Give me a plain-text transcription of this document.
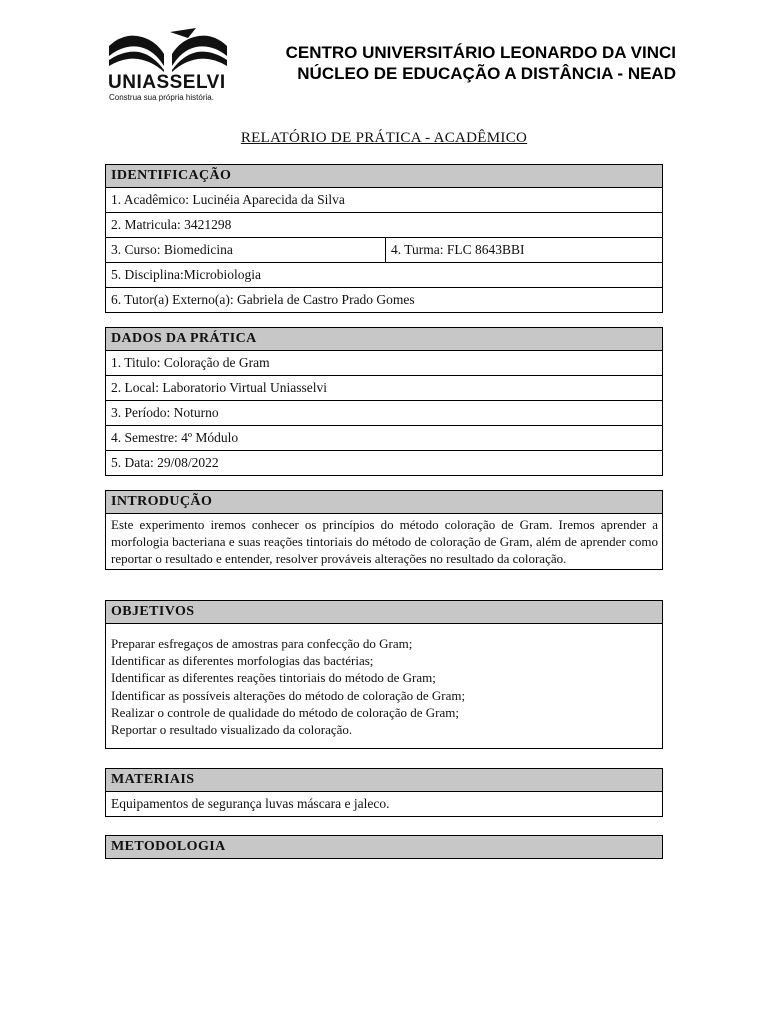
UNIASSELVI
Construa sua própria história.
CENTRO UNIVERSITÁRIO LEONARDO DA VINCI
NÚCLEO DE EDUCAÇÃO A DISTÂNCIA - NEAD
RELATÓRIO DE PRÁTICA - ACADÊMICO
IDENTIFICAÇÃO
1. Acadêmico: Lucinéia Aparecida da Silva
2. Matricula: 3421298
3. Curso: Biomedicina	4. Turma: FLC 8643BBI
5. Disciplina:Microbiologia
6. Tutor(a) Externo(a): Gabriela de Castro Prado Gomes
DADOS DA PRÁTICA
1. Titulo: Coloração de Gram
2. Local: Laboratorio Virtual Uniasselvi
3. Período: Noturno
4. Semestre: 4º Módulo
5. Data: 29/08/2022
INTRODUÇÃO
Este experimento iremos conhecer os princípios do método coloração de Gram. Iremos aprender a morfologia bacteriana e suas reações tintoriais do método de coloração de Gram, além de aprender como reportar o resultado e entender, resolver prováveis alterações no resultado da coloração.
OBJETIVOS
Preparar esfregaços de amostras para confecção do Gram;
Identificar as diferentes morfologias das bactérias;
Identificar as diferentes reações tintoriais do método de Gram;
Identificar as possíveis alterações do método de coloração de Gram;
Realizar o controle de qualidade do método de coloração de Gram;
Reportar o resultado visualizado da coloração.
MATERIAIS
Equipamentos de segurança luvas máscara e jaleco.
METODOLOGIA
